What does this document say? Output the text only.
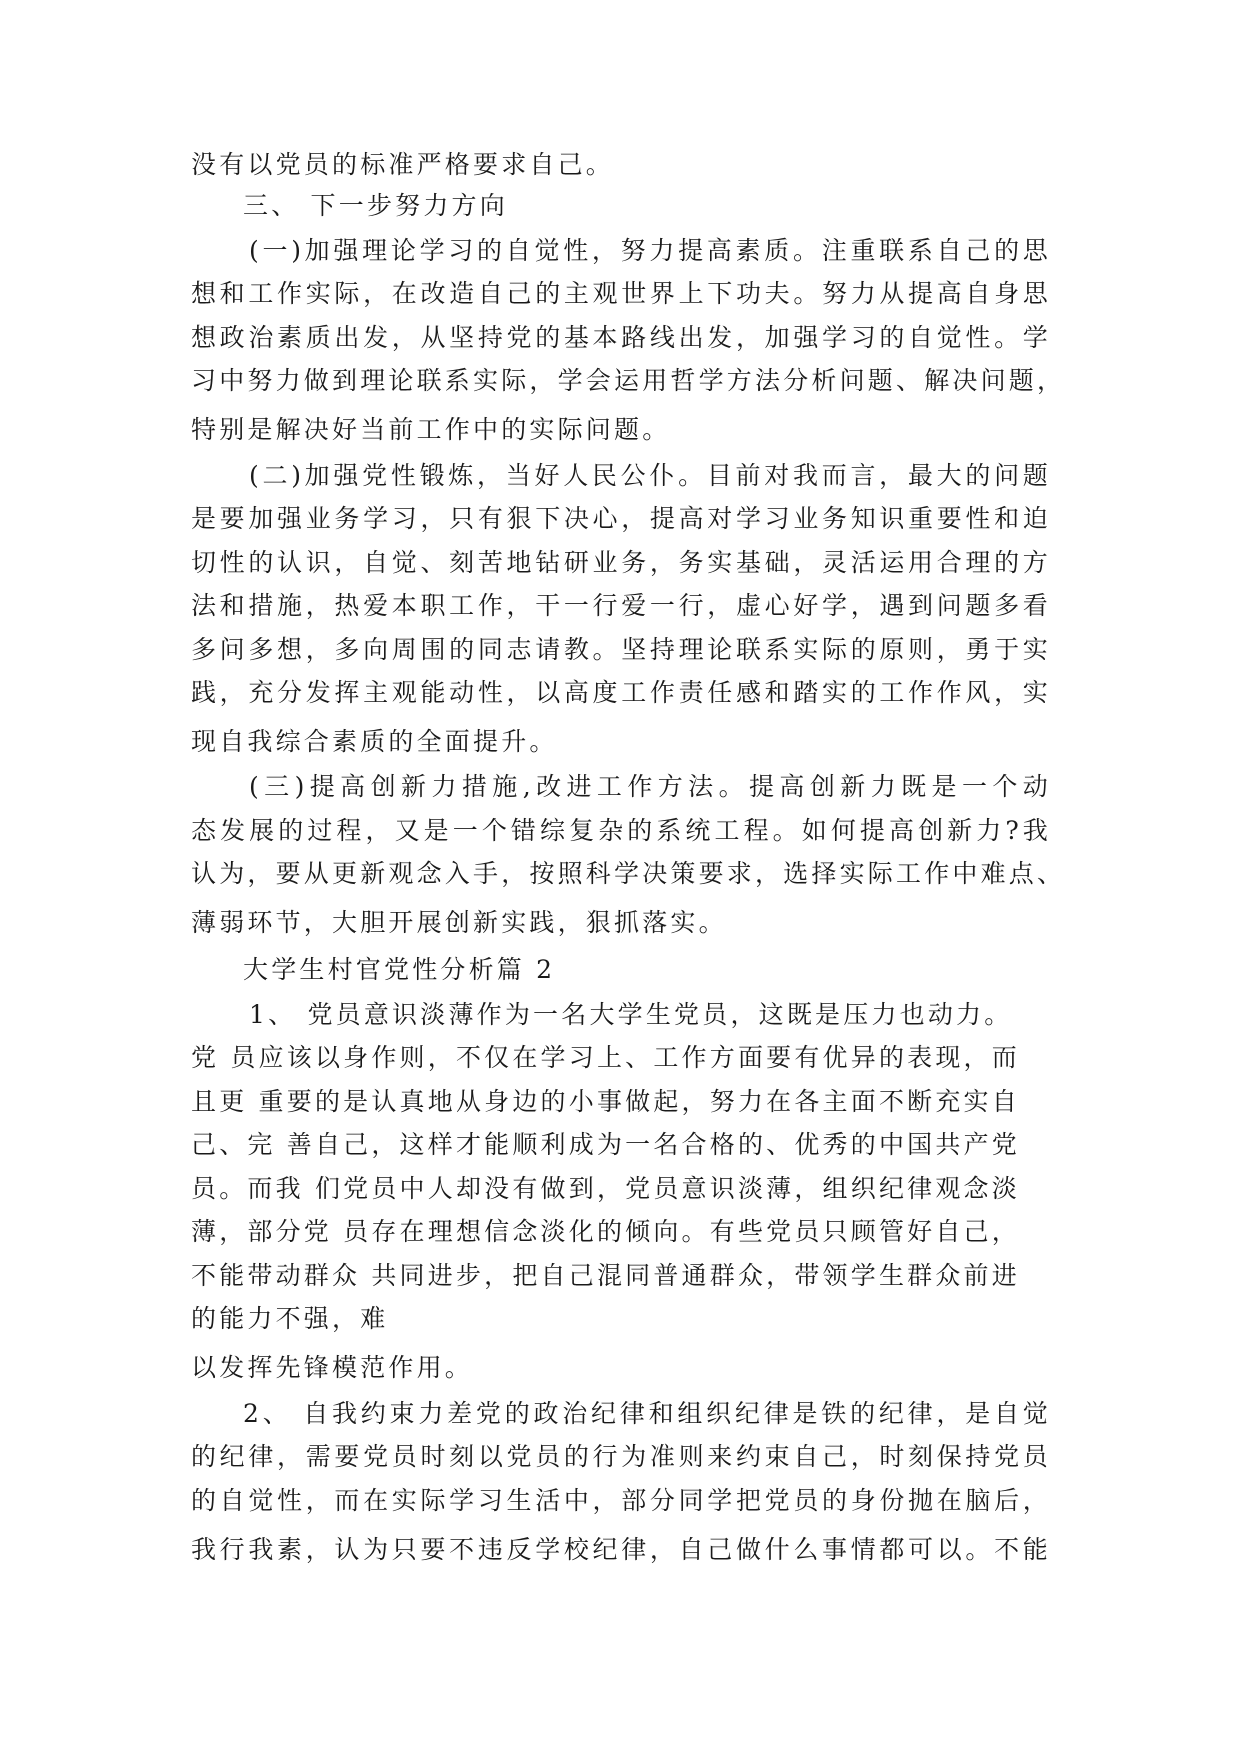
没有以党员的标准严格要求自己。
三、 下一步努力方向
(一)加强理论学习的自觉性，努力提高素质。注重联系自己的思
想和工作实际，在改造自己的主观世界上下功夫。努力从提高自身思
想政治素质出发，从坚持党的基本路线出发，加强学习的自觉性。学
习中努力做到理论联系实际，学会运用哲学方法分析问题、解决问题，
特别是解决好当前工作中的实际问题。
(二)加强党性锻炼，当好人民公仆。目前对我而言，最大的问题
是要加强业务学习，只有狠下决心，提高对学习业务知识重要性和迫
切性的认识，自觉、刻苦地钻研业务，务实基础，灵活运用合理的方
法和措施，热爱本职工作，干一行爱一行，虚心好学，遇到问题多看
多问多想，多向周围的同志请教。坚持理论联系实际的原则，勇于实
践，充分发挥主观能动性，以高度工作责任感和踏实的工作作风，实
现自我综合素质的全面提升。
(三)提高创新力措施,改进工作方法。提高创新力既是一个动
态发展的过程，又是一个错综复杂的系统工程。如何提高创新力?我
认为，要从更新观念入手，按照科学决策要求，选择实际工作中难点、
薄弱环节，大胆开展创新实践，狠抓落实。
大学生村官党性分析篇 2
1、 党员意识淡薄作为一名大学生党员，这既是压力也动力。
党 员应该以身作则，不仅在学习上、工作方面要有优异的表现，而
且更 重要的是认真地从身边的小事做起，努力在各主面不断充实自
己、完 善自己，这样才能顺利成为一名合格的、优秀的中国共产党
员。而我 们党员中人却没有做到，党员意识淡薄，组织纪律观念淡
薄，部分党 员存在理想信念淡化的倾向。有些党员只顾管好自己，
不能带动群众 共同进步，把自己混同普通群众，带领学生群众前进
的能力不强，难
以发挥先锋模范作用。
2、 自我约束力差党的政治纪律和组织纪律是铁的纪律，是自觉
的纪律，需要党员时刻以党员的行为准则来约束自己，时刻保持党员
的自觉性，而在实际学习生活中，部分同学把党员的身份抛在脑后，
我行我素，认为只要不违反学校纪律，自己做什么事情都可以。不能
